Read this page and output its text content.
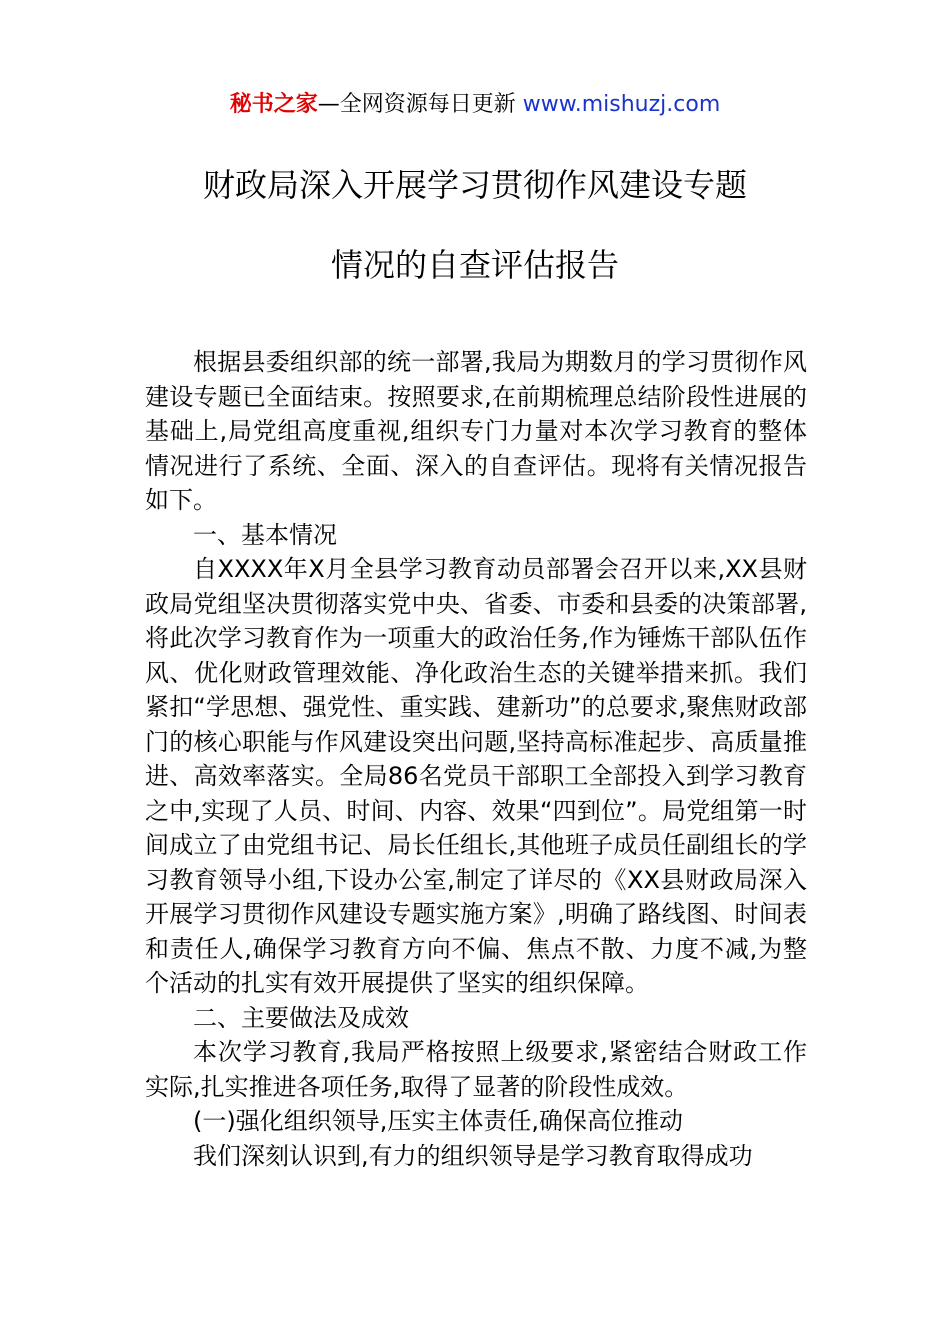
秘书之家—全网资源每日更新 www.mishuzj.com
财政局深入开展学习贯彻作风建设专题
情况的自查评估报告

根据县委组织部的统一部署,我局为期数月的学习贯彻作风建设专题已全面结束。按照要求,在前期梳理总结阶段性进展的基础上,局党组高度重视,组织专门力量对本次学习教育的整体情况进行了系统、全面、深入的自查评估。现将有关情况报告如下。

一、基本情况

自XXXX年X月全县学习教育动员部署会召开以来,XX县财政局党组坚决贯彻落实党中央、省委、市委和县委的决策部署,将此次学习教育作为一项重大的政治任务,作为锤炼干部队伍作风、优化财政管理效能、净化政治生态的关键举措来抓。我们紧扣“学思想、强党性、重实践、建新功”的总要求,聚焦财政部门的核心职能与作风建设突出问题,坚持高标准起步、高质量推进、高效率落实。全局86名党员干部职工全部投入到学习教育之中,实现了人员、时间、内容、效果“四到位”。局党组第一时间成立了由党组书记、局长任组长,其他班子成员任副组长的学习教育领导小组,下设办公室,制定了详尽的《XX县财政局深入开展学习贯彻作风建设专题实施方案》,明确了路线图、时间表和责任人,确保学习教育方向不偏、焦点不散、力度不减,为整个活动的扎实有效开展提供了坚实的组织保障。

二、主要做法及成效

本次学习教育,我局严格按照上级要求,紧密结合财政工作实际,扎实推进各项任务,取得了显著的阶段性成效。

(一)强化组织领导,压实主体责任,确保高位推动

我们深刻认识到,有力的组织领导是学习教育取得成功
